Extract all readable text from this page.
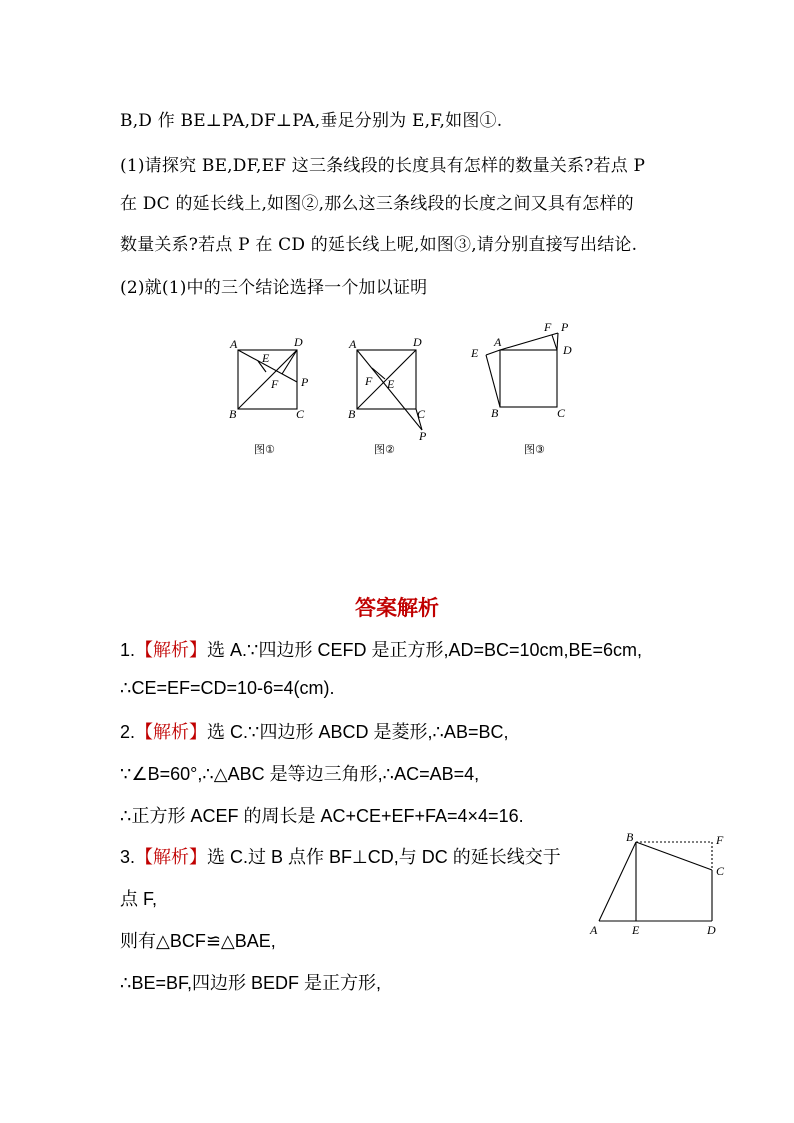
B,D 作 BE⊥PA,DF⊥PA,垂足分别为 E,F,如图①.
(1)请探究 BE,DF,EF 这三条线段的长度具有怎样的数量关系?若点 P
在 DC 的延长线上,如图②,那么这三条线段的长度之间又具有怎样的
数量关系?若点 P 在 CD 的延长线上呢,如图③,请分别直接写出结论.
(2)就(1)中的三个结论选择一个加以证明
A	D
E
F P
B	C
图①
A	D
F E
B	C
P
图②
F P
A
D
E
B	C
图③
答案解析
1.【解析】选 A.∵四边形 CEFD 是正方形,AD=BC=10cm,BE=6cm,
∴CE=EF=CD=10-6=4(cm).
2.【解析】选 C.∵四边形 ABCD 是菱形,∴AB=BC,
∵∠B=60°,∴△ABC 是等边三角形,∴AC=AB=4,
∴正方形 ACEF 的周长是 AC+CE+EF+FA=4×4=16.
3.【解析】选 C.过 B 点作 BF⊥CD,与 DC 的延长线交于
点 F,
则有△BCF≌△BAE,
∴BE=BF,四边形 BEDF 是正方形,
B	F
C
A	E	D
